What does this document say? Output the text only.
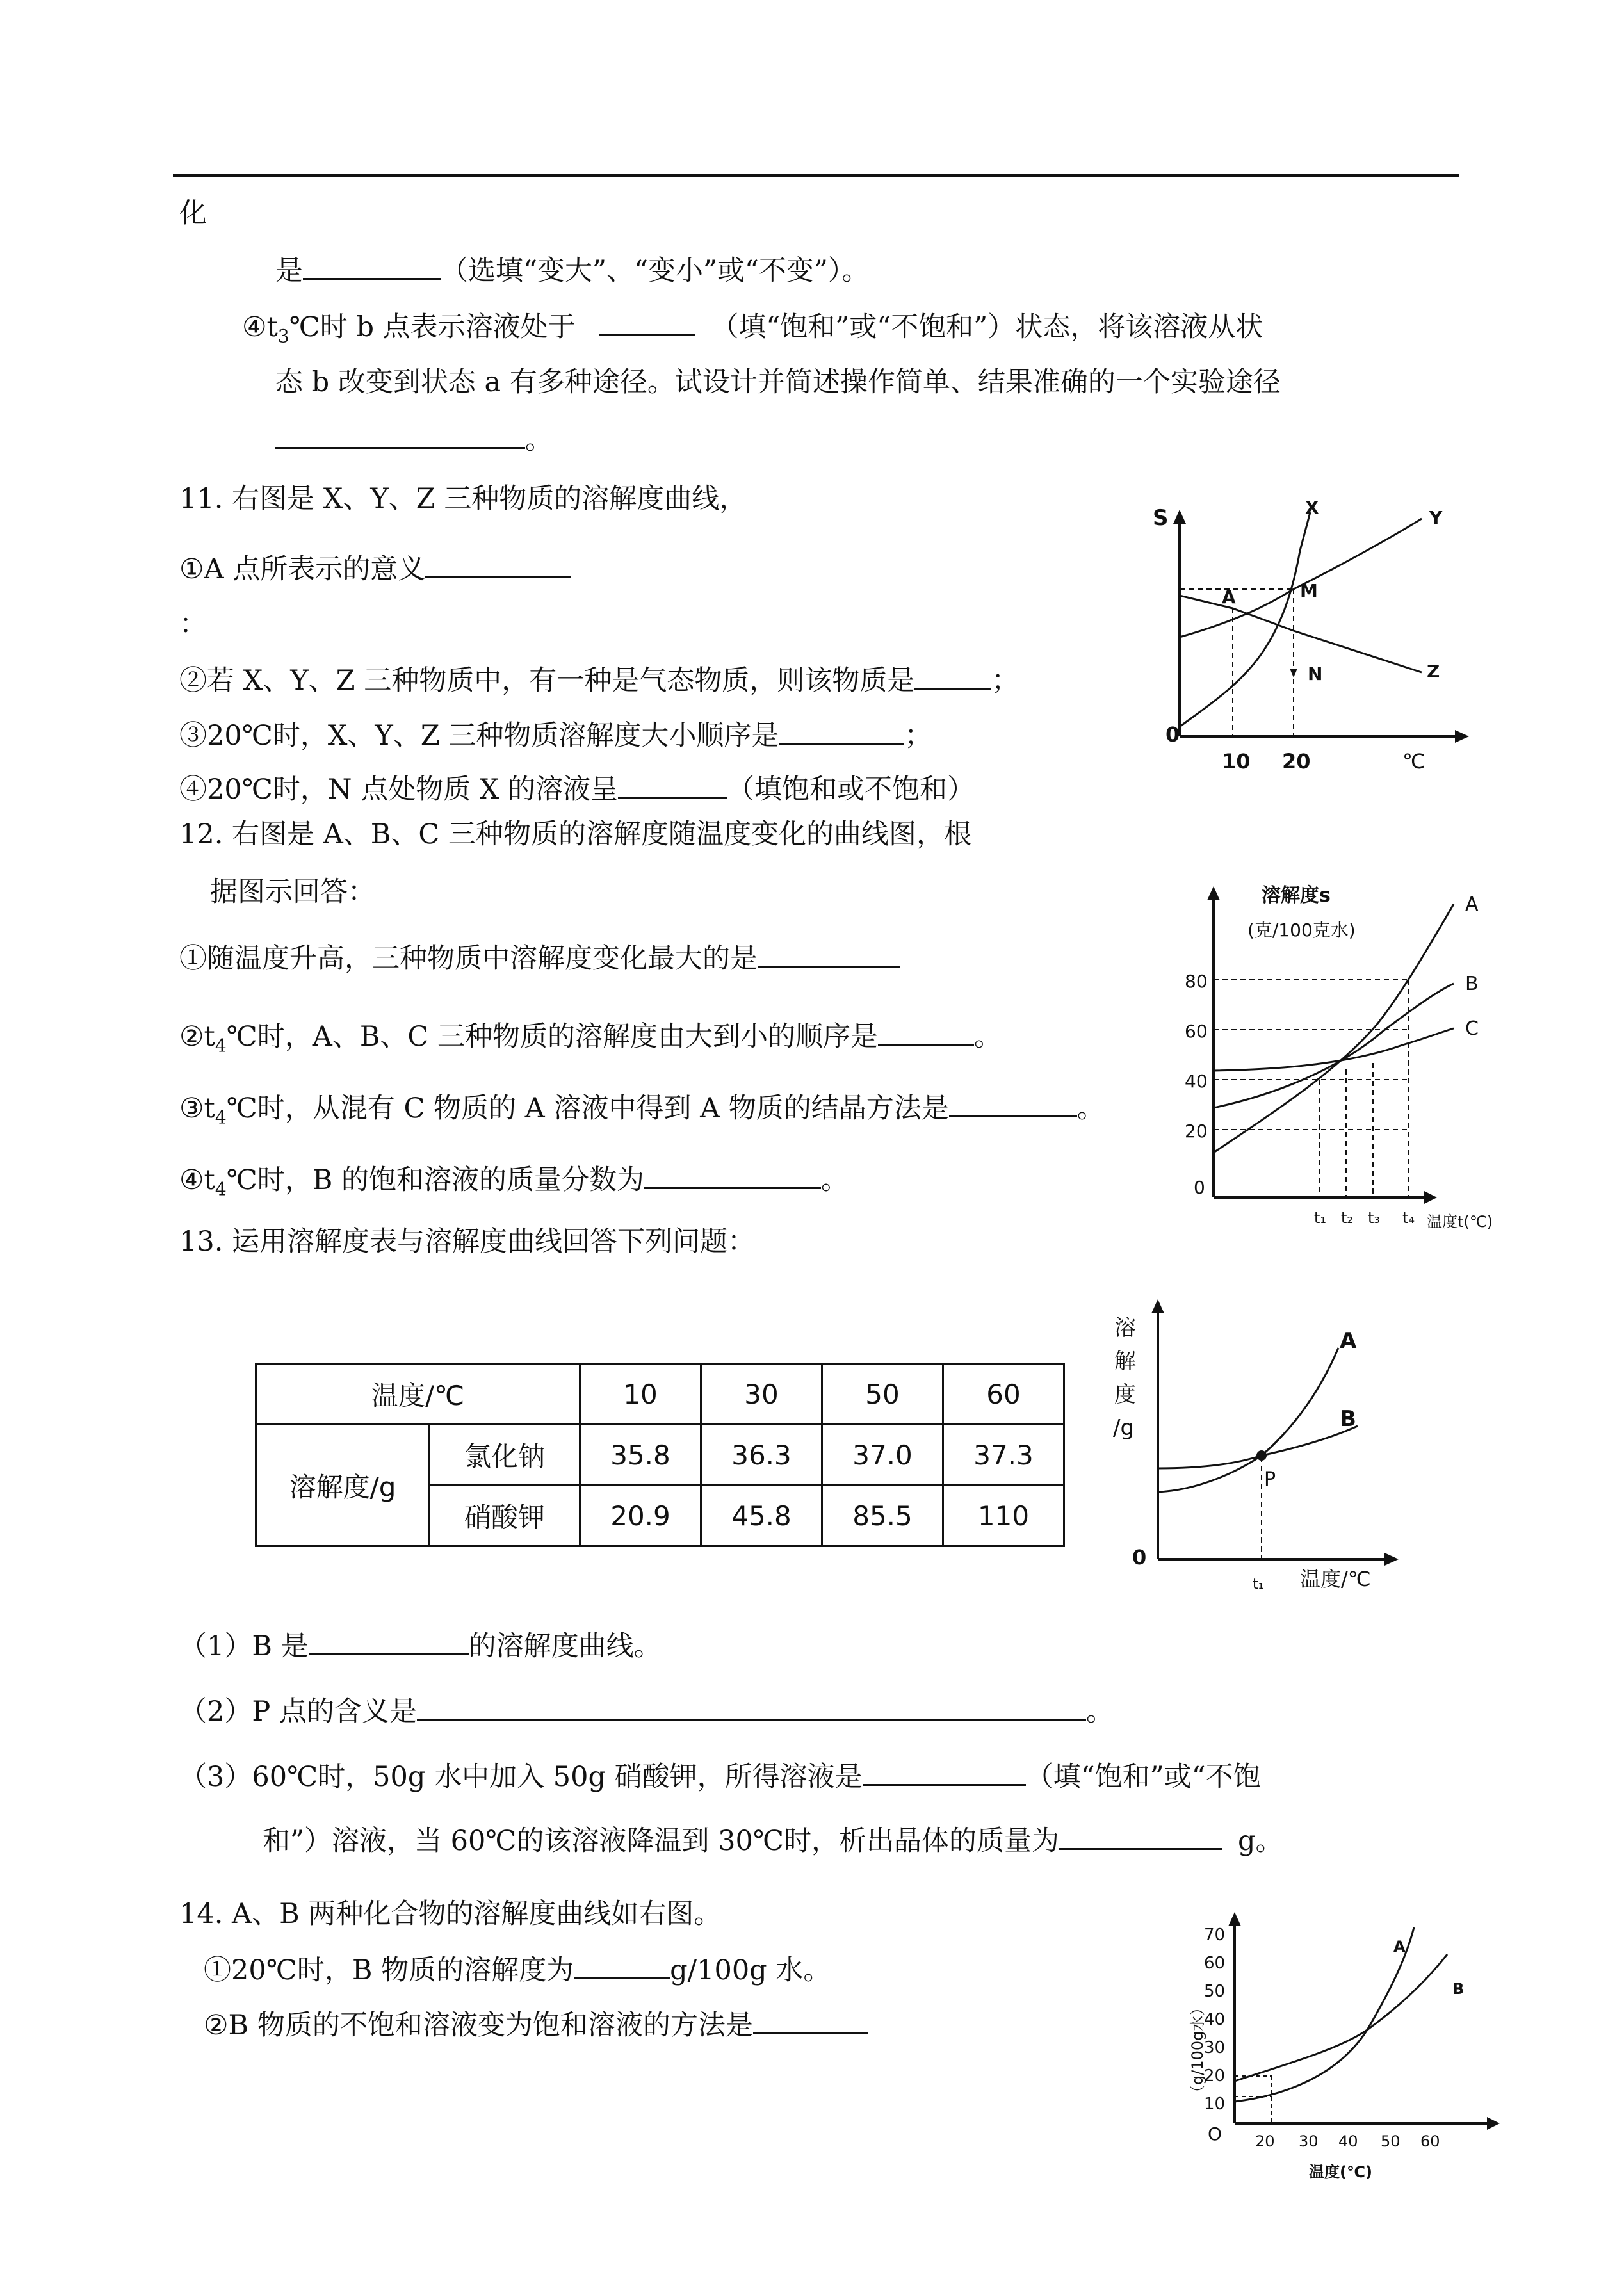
化
是	（选填“变大”、“变小”或“不变”）。
$④t_3℃$时 b 点表示溶液处于	（填“饱和”或“不饱和”）状态，将该溶液从状
态 b 改变到状态 a 有多种途径。试设计并简述操作简单、结果准确的一个实验途径
。
11. 右图是 X、Y、Z 三种物质的溶解度曲线，
①A 点所表示的意义
：
②若 X、Y、Z 三种物质中，有一种是气态物质，则该物质是	；
③20℃时，X、Y、Z 三种物质溶解度大小顺序是	；
④20℃时，N 点处物质 X 的溶液呈	（填饱和或不饱和）
S
0
10 20	℃
X	Y
Z
A	M
N
12. 右图是 A、B、C 三种物质的溶解度随温度变化的曲线图，根
据图示回答：
①随温度升高，三种物质中溶解度变化最大的是
$②t_4℃$时，A、B、C 三种物质的溶解度由大到小的顺序是	。
$③t_4℃$时，从混有 C 物质的 A 溶液中得到 A 物质的结晶方法是	。
$④t_4℃$时，B 的饱和溶液的质量分数为	。
溶解度s
(克/100克水)
80
60
40
20
0
t₁ t₂ t₃ t₄ 温度t(℃)
A
B
C
13. 运用溶解度表与溶解度曲线回答下列问题：
温度/℃		10	30	50	60
溶解度/g	氯化钠	35.8	36.3	37.0	37.3
	硝酸钾	20.9	45.8	85.5	110
溶
解
度
/g
0
t₁ 温度/℃
A
B
P
（1）B 是	的溶解度曲线。
（2）P 点的含义是	。
（3）60℃时，50g 水中加入 50g 硝酸钾，所得溶液是	（填“饱和”或“不饱
和”）溶液，当 60℃的该溶液降温到 30℃时，析出晶体的质量为	g。
14. A、B 两种化合物的溶解度曲线如右图。
①20℃时，B 物质的溶解度为	g/100g 水。
②B 物质的不饱和溶液变为饱和溶液的方法是
70
60
50
40
30
20
10
O 20 30 40 50 60
温度(℃)
（g/100g水）
A
B
